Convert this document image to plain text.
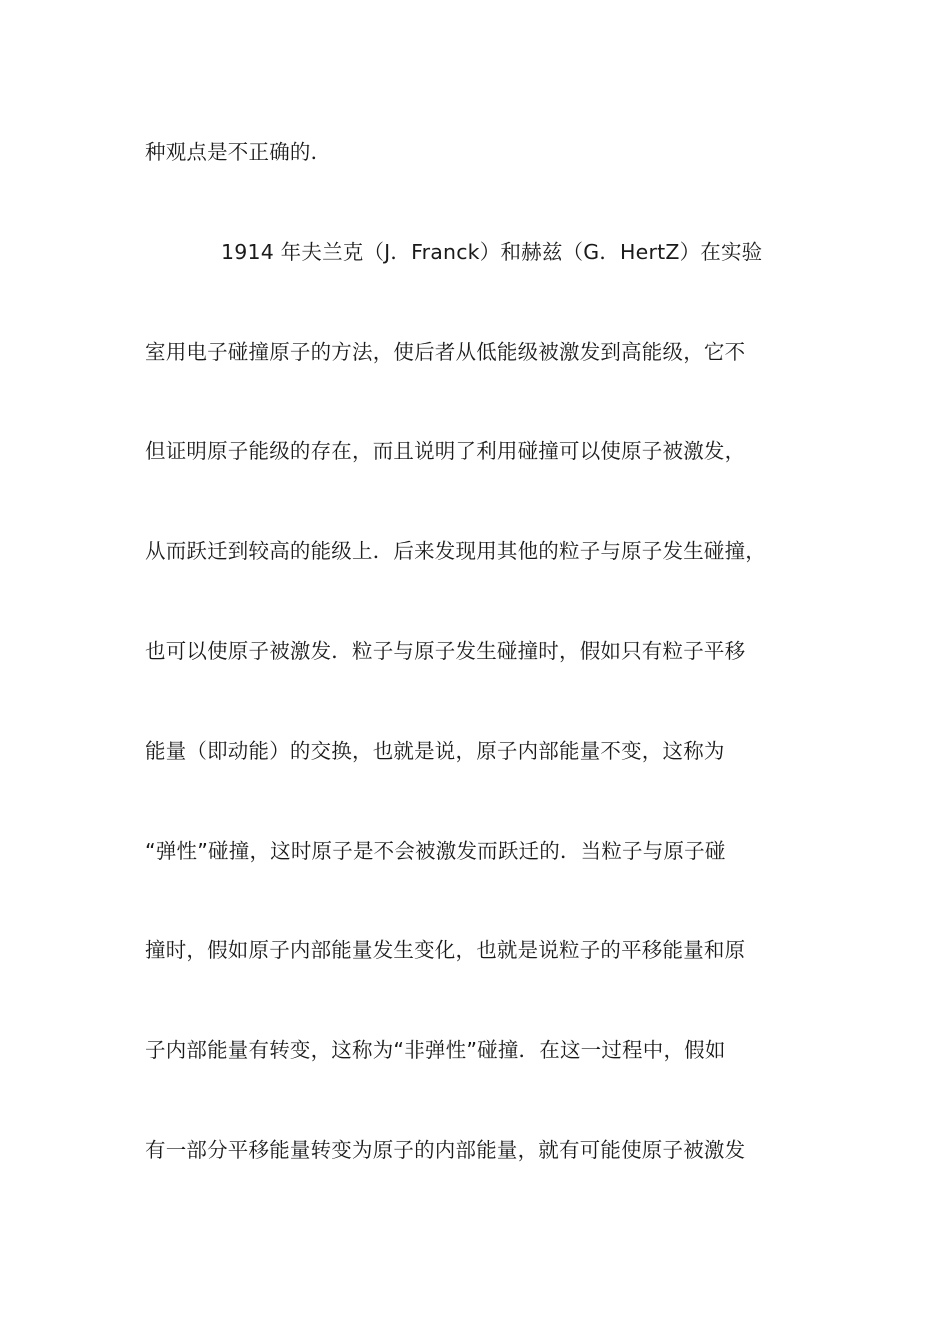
种观点是不正确的．
1914 年夫兰克（J．Franck）和赫兹（G．HertZ）在实验
室用电子碰撞原子的方法，使后者从低能级被激发到高能级，它不
但证明原子能级的存在，而且说明了利用碰撞可以使原子被激发，
从而跃迁到较高的能级上．后来发现用其他的粒子与原子发生碰撞，
也可以使原子被激发．粒子与原子发生碰撞时，假如只有粒子平移
能量（即动能）的交换，也就是说，原子内部能量不变，这称为
“弹性”碰撞，这时原子是不会被激发而跃迁的．当粒子与原子碰
撞时，假如原子内部能量发生变化，也就是说粒子的平移能量和原
子内部能量有转变，这称为“非弹性”碰撞．在这一过程中，假如
有一部分平移能量转变为原子的内部能量，就有可能使原子被激发
